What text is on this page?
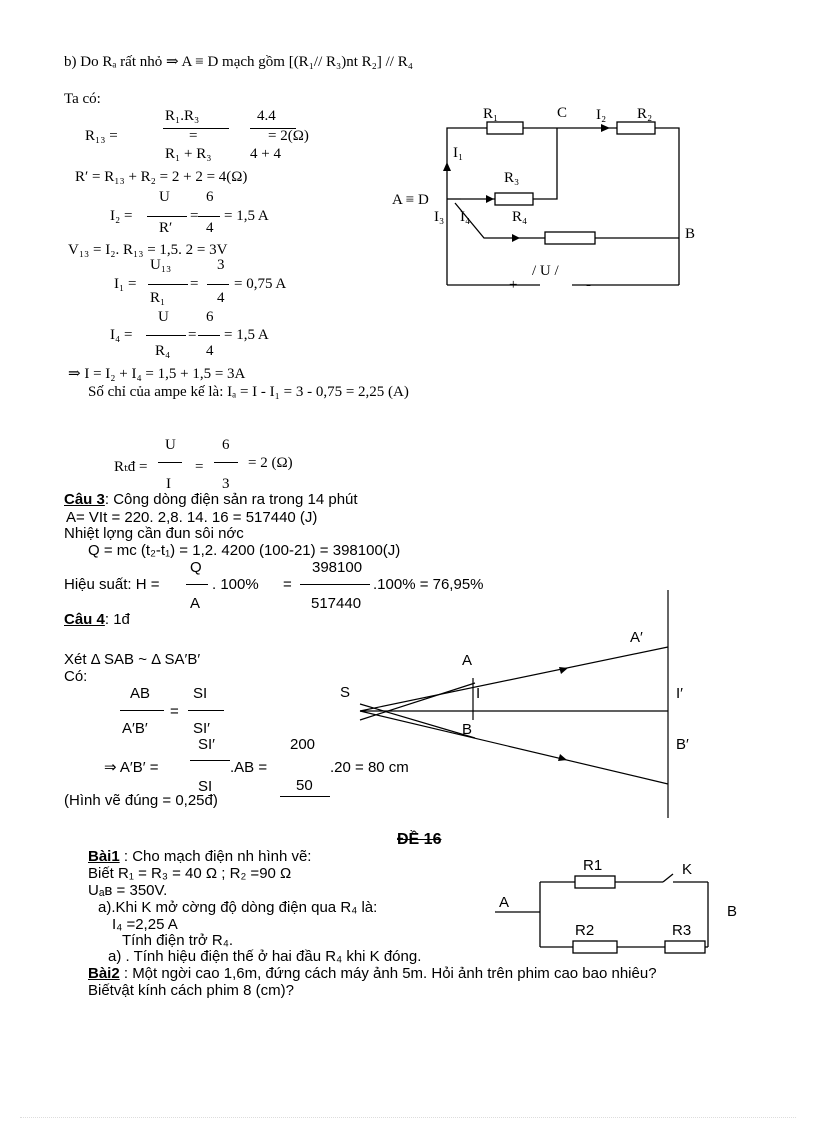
b) Do Rₐ rất nhỏ ⇒ A ≡ D mạch gồm [(R₁// R₃)nt R₂] // R₄
Ta có:
R₁₃ =
R₁.R₃
=
R₁ + R₃
4.4
= 2(Ω)
4 + 4
R′ = R₁₃ + R₂ = 2 + 2 = 4(Ω)
I₂ =
U
R′
=
6
4
= 1,5 A
V₁₃ = I₂. R₁₃ = 1,5. 2 = 3V
I₁ =
U₁₃
R₁
=
3
4
= 0,75 A
I₄ =
U
R₄
=
6
4
= 1,5 A
⇒ I = I₂ + I₄ = 1,5 + 1,5 = 3A
Số chỉ của ampe kế là: Iₐ = I - I₁ = 3 - 0,75 = 2,25 (A)
Rₜđ =
U
I
=
6
3
= 2 (Ω)
R₁	C I₂ R₂
I₁
R₃
A ≡ D
I₃ I₄	R₄
B
/ U /
+	-
Câu 3: Công dòng điện sản ra trong 14 phút
A= VIt = 220. 2,8. 14. 16 = 517440 (J)
Nhiệt lợng cần đun sôi nớc
Q = mc (t₂-t₁) = 1,2. 4200 (100-21) = 398100(J)
Hiệu suất: H =
Q
A
. 100% =
398100
517440
.100% = 76,95%
Câu 4: 1đ
Xét Δ SAB ~ Δ SA′B′
Có:
AB
A′B′
=
SI
SI′
⇒ A′B′ =
SI′
SI
.AB =
200
50
.20 = 80 cm
(Hình vẽ đúng = 0,25đ)
A′
A
S	I	I′
B
B′
ĐỀ 16
Bài1 : Cho mạch điện nh hình vẽ:
Biết R₁ = R₃ = 40 Ω ; R₂ =90 Ω
Uₐʙ = 350V.
a).Khi K mở cờng độ dòng điện qua R₄ là:
I₄ =2,25 A
Tính điện trở R₄.
a) . Tính hiệu điện thế ở hai đầu R₄ khi K đóng.
Bài2 : Một ngời cao 1,6m, đứng cách máy ảnh 5m. Hỏi ảnh trên phim cao bao nhiêu?
Biếtvật kính cách phim 8 (cm)?
R1	K
A
B
R2	R3
